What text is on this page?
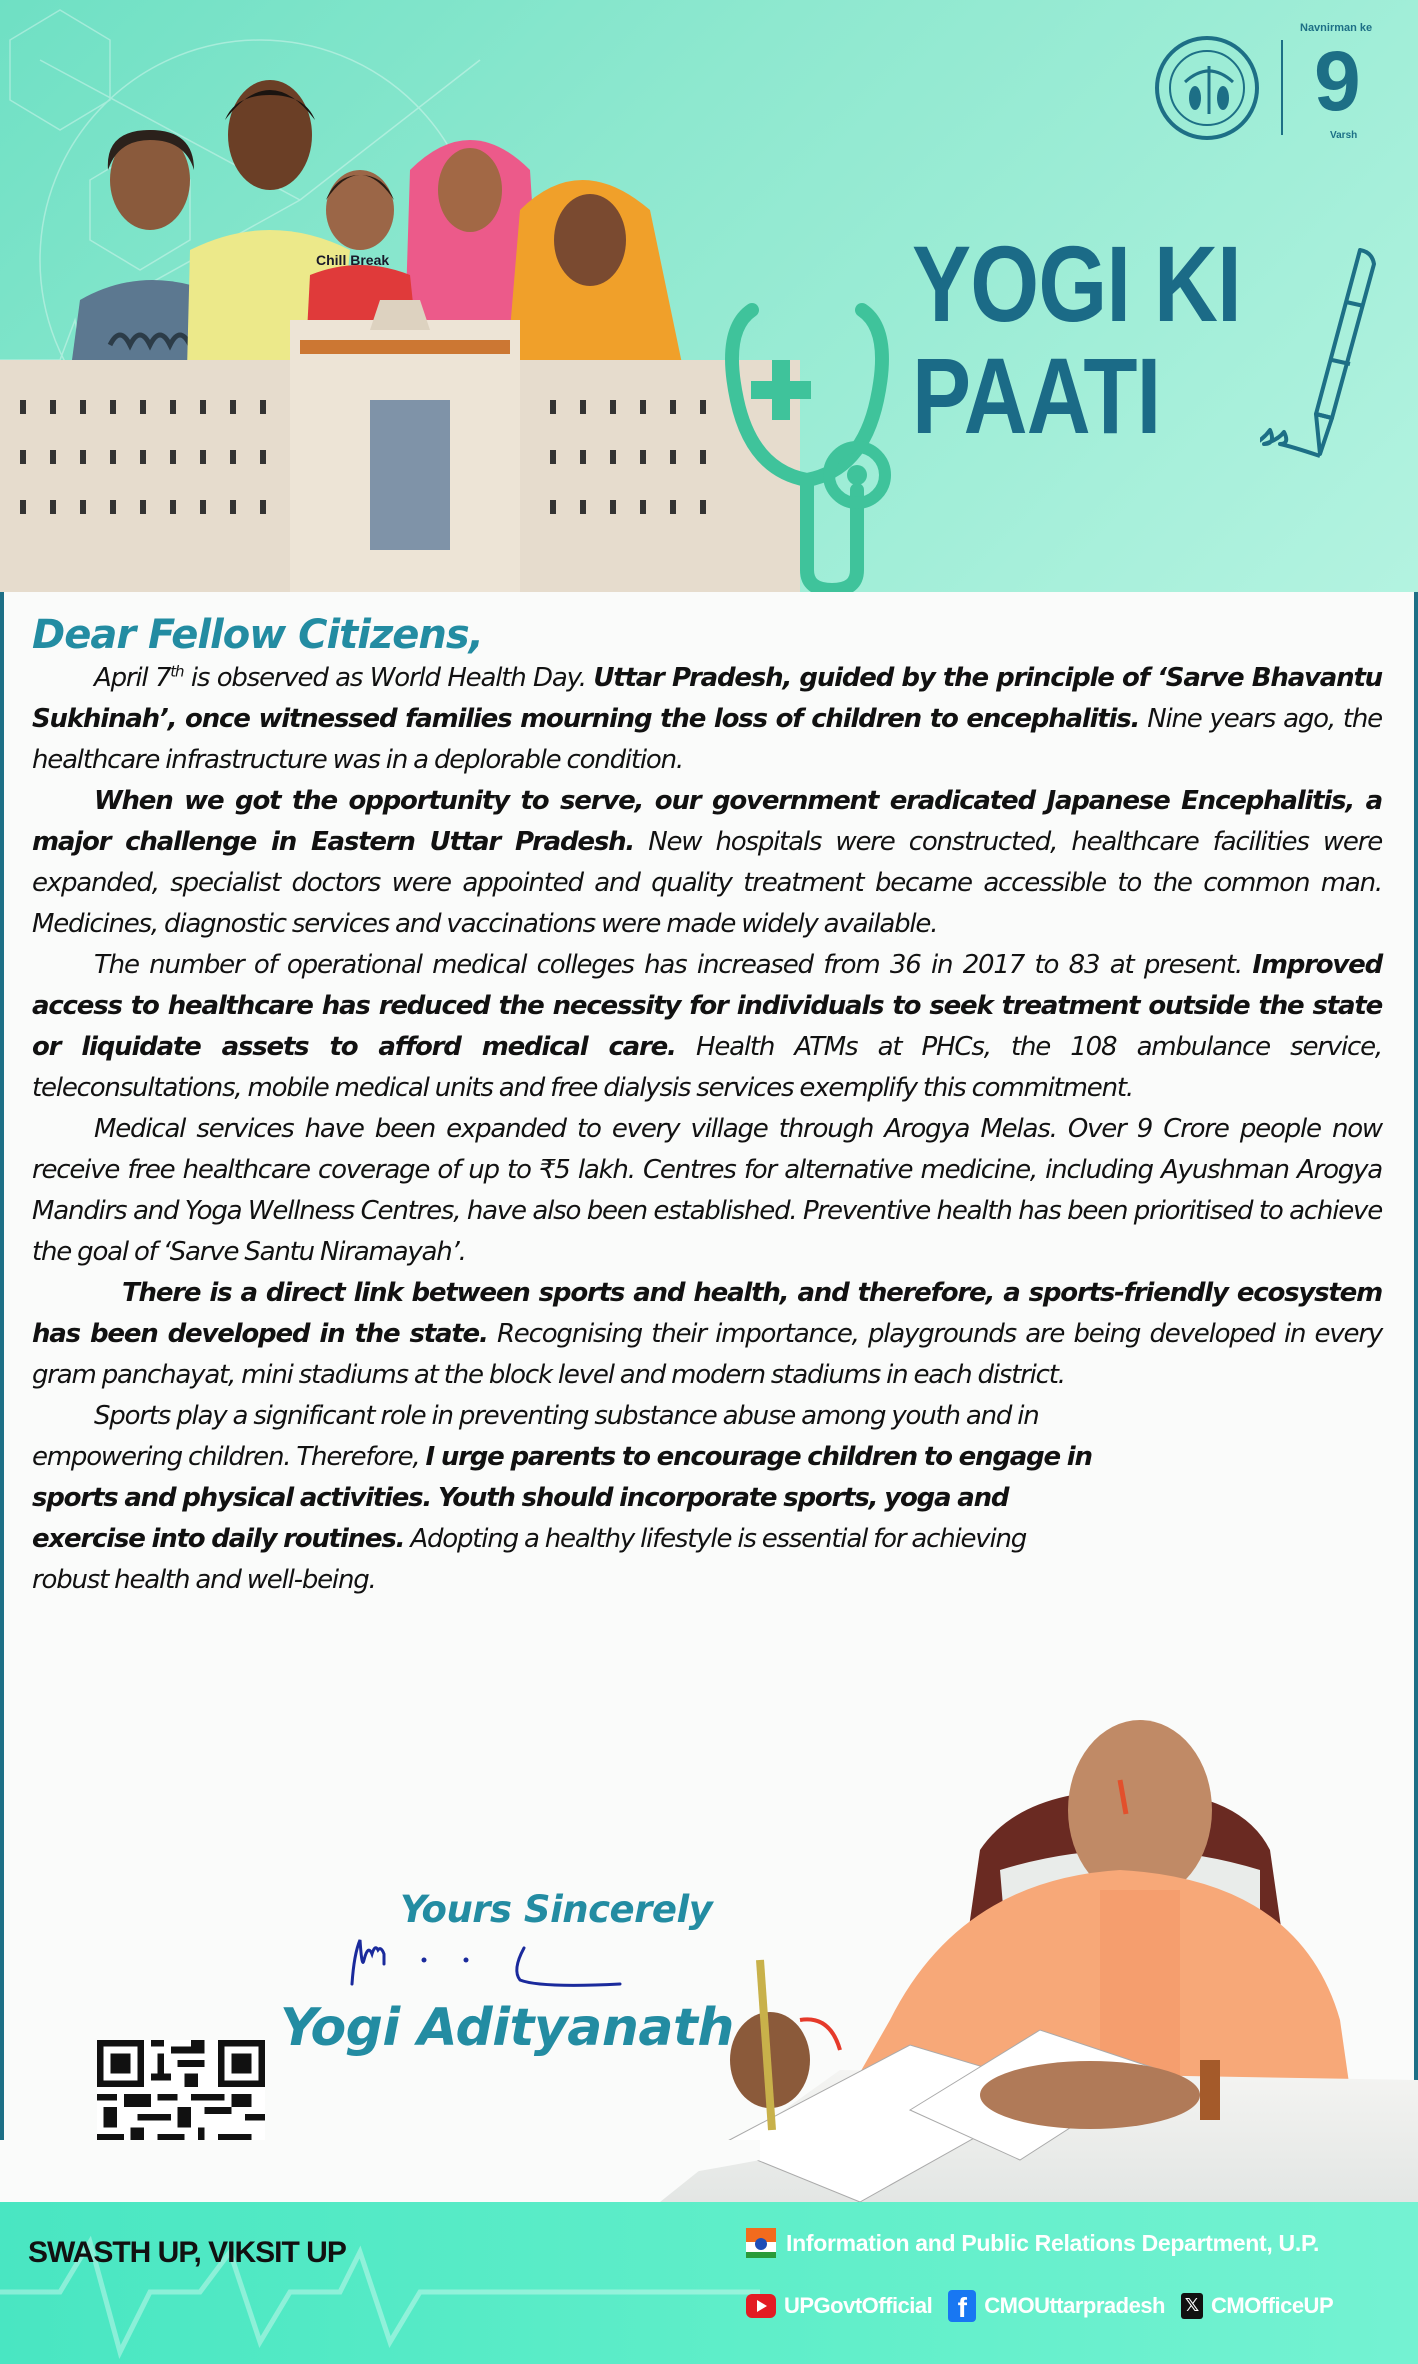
Chill Break
Navnirman ke
9
Varsh
YOGI KI
PAATI
Dear Fellow Citizens,

April 7th is observed as World Health Day. Uttar Pradesh, guided by the principle of ‘Sarve Bhavantu Sukhinah’, once witnessed families mourning the loss of children to encephalitis. Nine years ago, the healthcare infrastructure was in a deplorable condition.

When we got the opportunity to serve, our government eradicated Japanese Encephalitis, a major challenge in Eastern Uttar Pradesh. New hospitals were constructed, healthcare facilities were expanded, specialist doctors were appointed and quality treatment became accessible to the common man. Medicines, diagnostic services and vaccinations were made widely available.

The number of operational medical colleges has increased from 36 in 2017 to 83 at present. Improved access to healthcare has reduced the necessity for individuals to seek treatment outside the state or liquidate assets to afford medical care. Health ATMs at PHCs, the 108 ambulance service, teleconsultations, mobile medical units and free dialysis services exemplify this commitment.

Medical services have been expanded to every village through Arogya Melas. Over 9 Crore people now receive free healthcare coverage of up to ₹5 lakh. Centres for alternative medicine, including Ayushman Arogya Mandirs and Yoga Wellness Centres, have also been established. Preventive health has been prioritised to achieve the goal of ‘Sarve Santu Niramayah’.

There is a direct link between sports and health, and therefore, a sports-friendly ecosystem has been developed in the state. Recognising their importance, playgrounds are being developed in every gram panchayat, mini stadiums at the block level and modern stadiums in each district.

Sports play a significant role in preventing substance abuse among youth and in empowering children. Therefore, I urge parents to encourage children to engage in sports and physical activities. Youth should incorporate sports, yoga and exercise into daily routines. Adopting a healthy lifestyle is essential for achieving robust health and well-being.

Yours Sincerely
Yogi Adityanath
Information and Public Relations Department, U.P.
UPGovtOfficial f CMOUttarpradesh 𝕏 CMOfficeUP
SWASTH UP, VIKSIT UP
